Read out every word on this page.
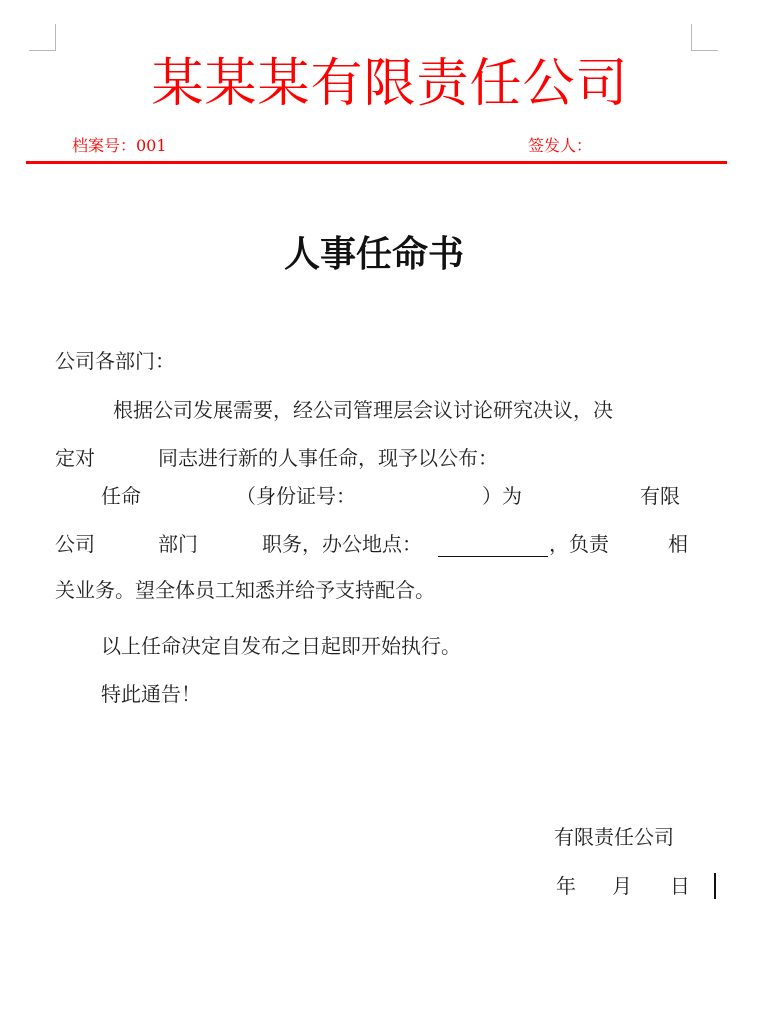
某某某有限责任公司

档案号：001	签发人：

人事任命书

公司各部门：

根据公司发展需要，经公司管理层会议讨论研究决议，决

定对	同志进行新的人事任命，现予以公布：

任命	（身份证号：	）为	有限

公司	部门	职务，办公地点：	，负责	相

关业务。望全体员工知悉并给予支持配合。

以上任命决定自发布之日起即开始执行。

特此通告！

有限责任公司

年 月 日
